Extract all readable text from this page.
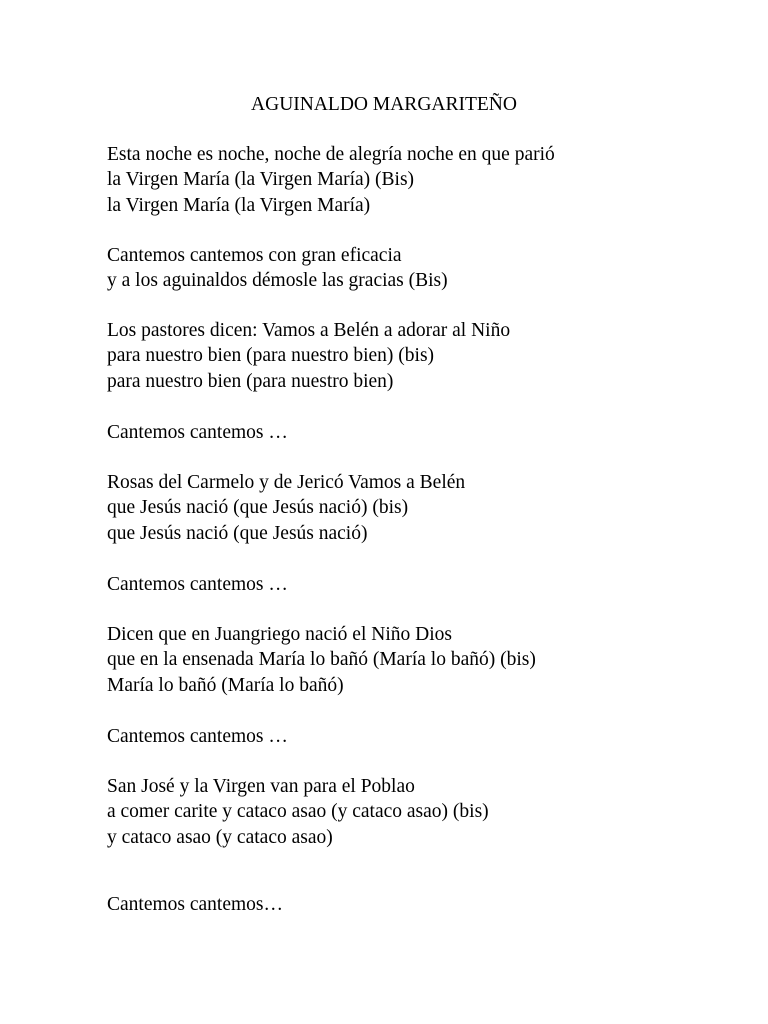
AGUINALDO MARGARITEÑO
Esta noche es noche, noche de alegría noche en que parió
la Virgen María (la Virgen María) (Bis)
la Virgen María (la Virgen María)
Cantemos cantemos con gran eficacia
y a los aguinaldos démosle las gracias (Bis)
Los pastores dicen: Vamos a Belén a adorar al Niño
para nuestro bien (para nuestro bien) (bis)
para nuestro bien (para nuestro bien)
Cantemos cantemos …
Rosas del Carmelo y de Jericó Vamos a Belén
que Jesús nació (que Jesús nació) (bis)
que Jesús nació (que Jesús nació)
Cantemos cantemos …
Dicen que en Juangriego nació el Niño Dios
que en la ensenada María lo bañó (María lo bañó) (bis)
María lo bañó (María lo bañó)
Cantemos cantemos …
San José y la Virgen van para el Poblao
a comer carite y cataco asao (y cataco asao) (bis)
y cataco asao (y cataco asao)
Cantemos cantemos…
